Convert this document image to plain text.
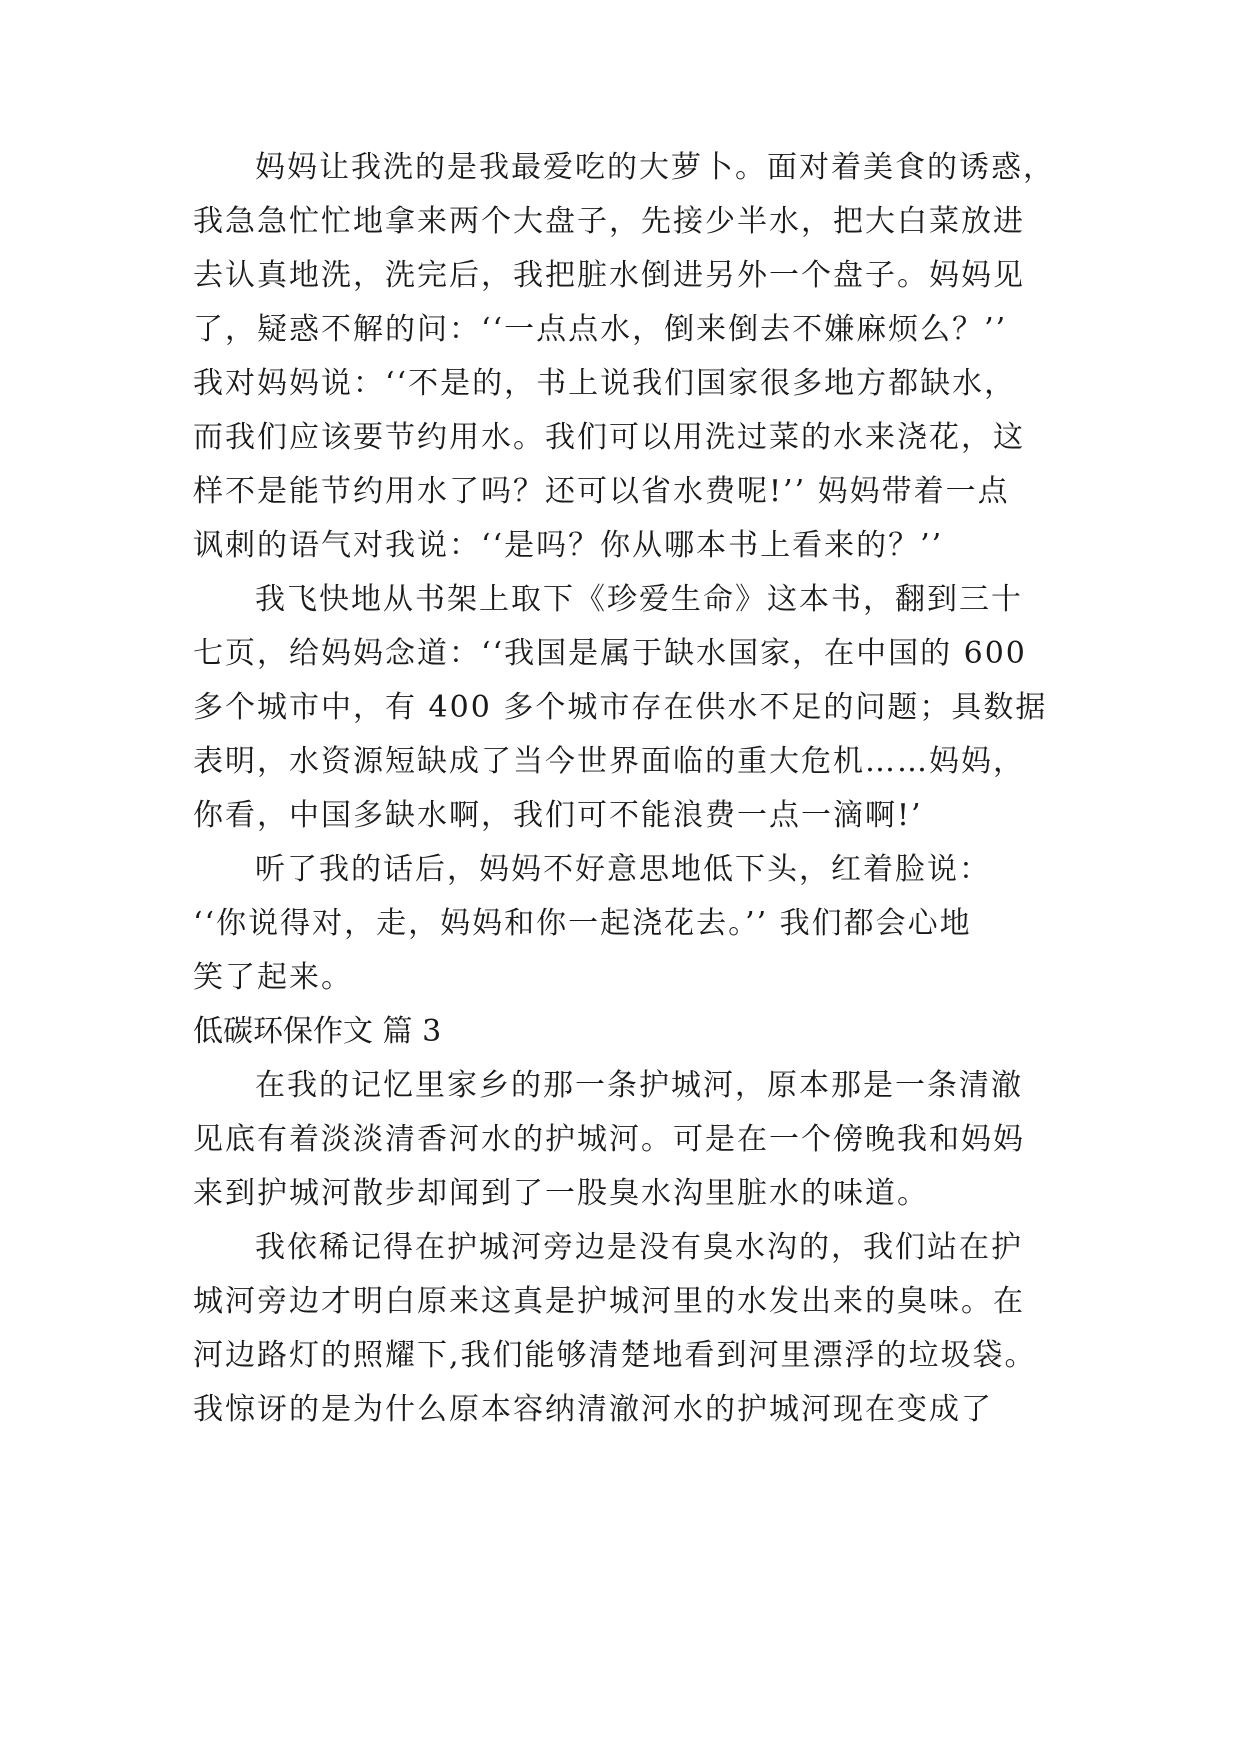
妈妈让我洗的是我最爱吃的大萝卜。面对着美食的诱惑，
我急急忙忙地拿来两个大盘子，先接少半水，把大白菜放进
去认真地洗，洗完后，我把脏水倒进另外一个盘子。妈妈见
了，疑惑不解的问：‘‘一点点水，倒来倒去不嫌麻烦么？’’
我对妈妈说：‘‘不是的，书上说我们国家很多地方都缺水，
而我们应该要节约用水。我们可以用洗过菜的水来浇花，这
样不是能节约用水了吗？还可以省水费呢!’’ 妈妈带着一点
讽刺的语气对我说：‘‘是吗？你从哪本书上看来的？’’
我飞快地从书架上取下《珍爱生命》这本书，翻到三十
七页，给妈妈念道：‘‘我国是属于缺水国家，在中国的 600
多个城市中，有 400 多个城市存在供水不足的问题；具数据
表明，水资源短缺成了当今世界面临的重大危机……妈妈，
你看，中国多缺水啊，我们可不能浪费一点一滴啊!’
听了我的话后，妈妈不好意思地低下头，红着脸说：
‘‘你说得对，走，妈妈和你一起浇花去。’’ 我们都会心地
笑了起来。
低碳环保作文 篇 3
在我的记忆里家乡的那一条护城河，原本那是一条清澈
见底有着淡淡清香河水的护城河。可是在一个傍晚我和妈妈
来到护城河散步却闻到了一股臭水沟里脏水的味道。
我依稀记得在护城河旁边是没有臭水沟的，我们站在护
城河旁边才明白原来这真是护城河里的水发出来的臭味。在
河边路灯的照耀下,我们能够清楚地看到河里漂浮的垃圾袋。
我惊讶的是为什么原本容纳清澈河水的护城河现在变成了
